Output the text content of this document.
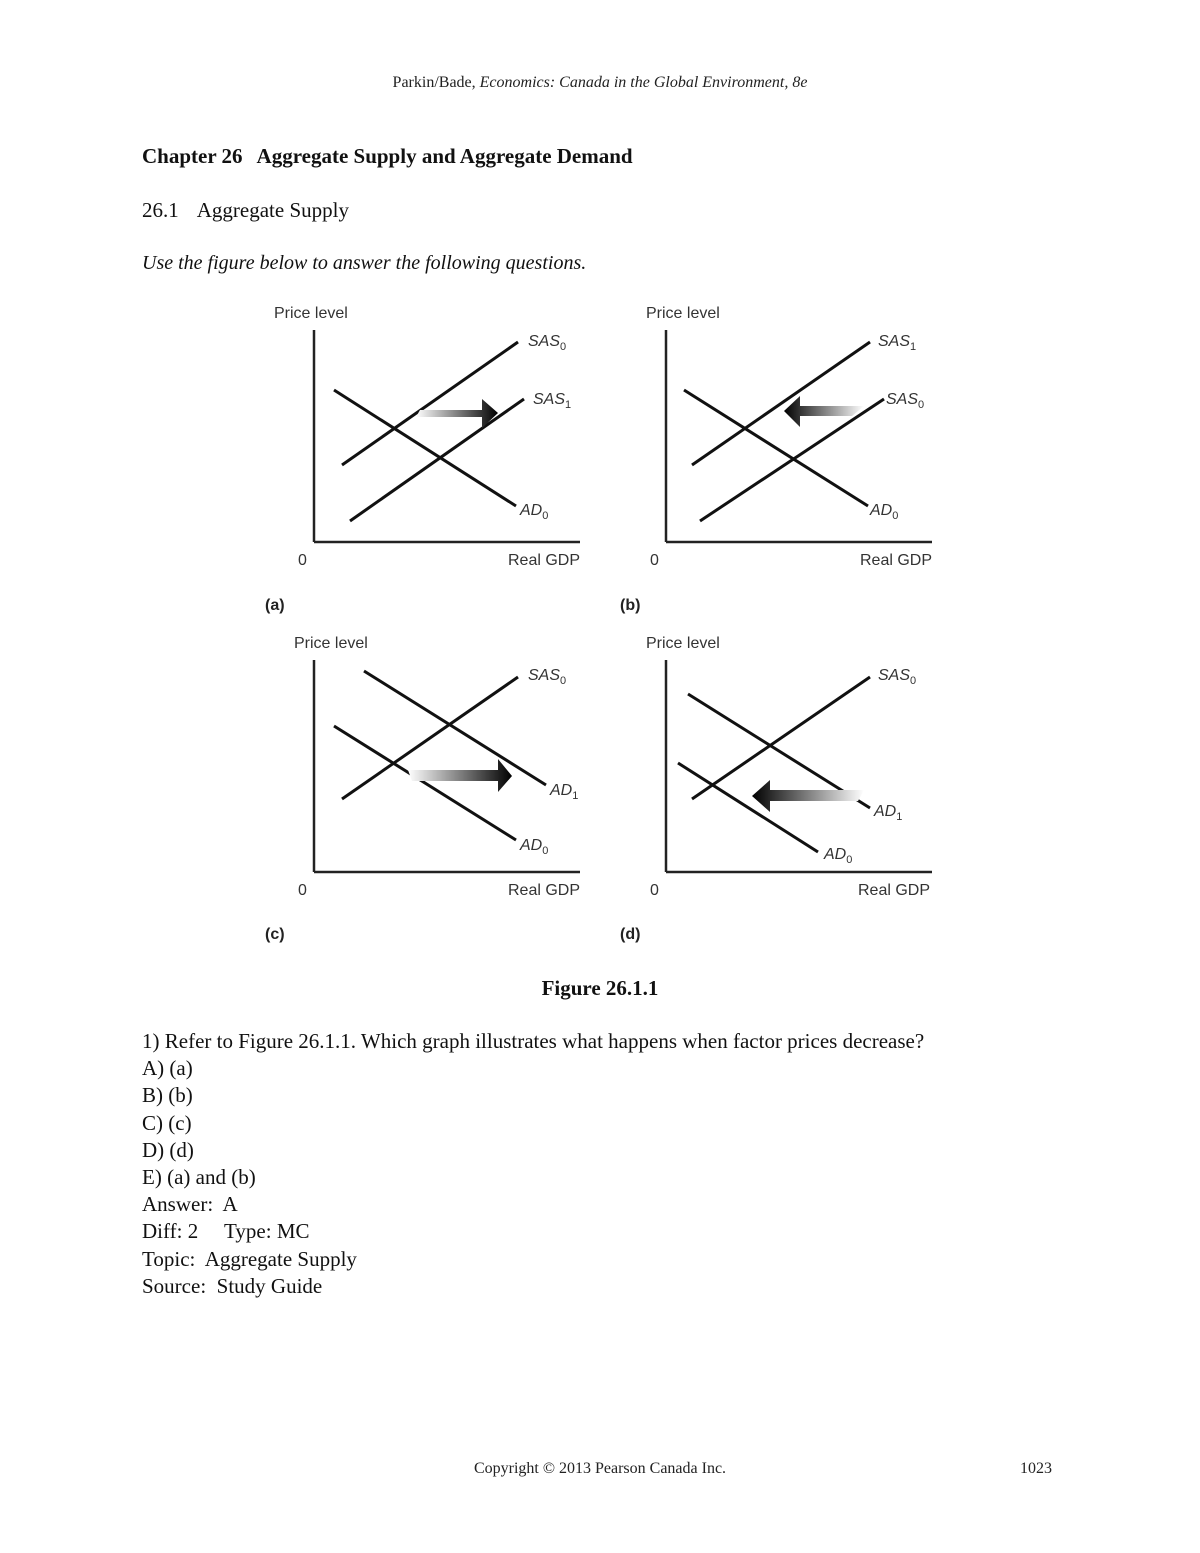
Parkin/Bade, Economics: Canada in the Global Environment, 8e
Chapter 26 Aggregate Supply and Aggregate Demand
26.1 Aggregate Supply
Use the figure below to answer the following questions.
Price level
$SAS_0$
$SAS_1$
$AD_0$
0	Real GDP
(a)
Price level
$SAS_1$
$SAS_0$
$AD_0$
0	Real GDP
(b)
Price level
$SAS_0$
$AD_1$
$AD_0$
0	Real GDP
(c)
Price level
$SAS_0$
$AD_1$
$AD_0$
0	Real GDP
(d)
Figure 26.1.1
1) Refer to Figure 26.1.1. Which graph illustrates what happens when factor prices decrease?
A) (a)
B) (b)
C) (c)
D) (d)
E) (a) and (b)
Answer:  A
Diff: 2     Type: MC
Topic:  Aggregate Supply
Source:  Study Guide
Copyright © 2013 Pearson Canada Inc.	1023
